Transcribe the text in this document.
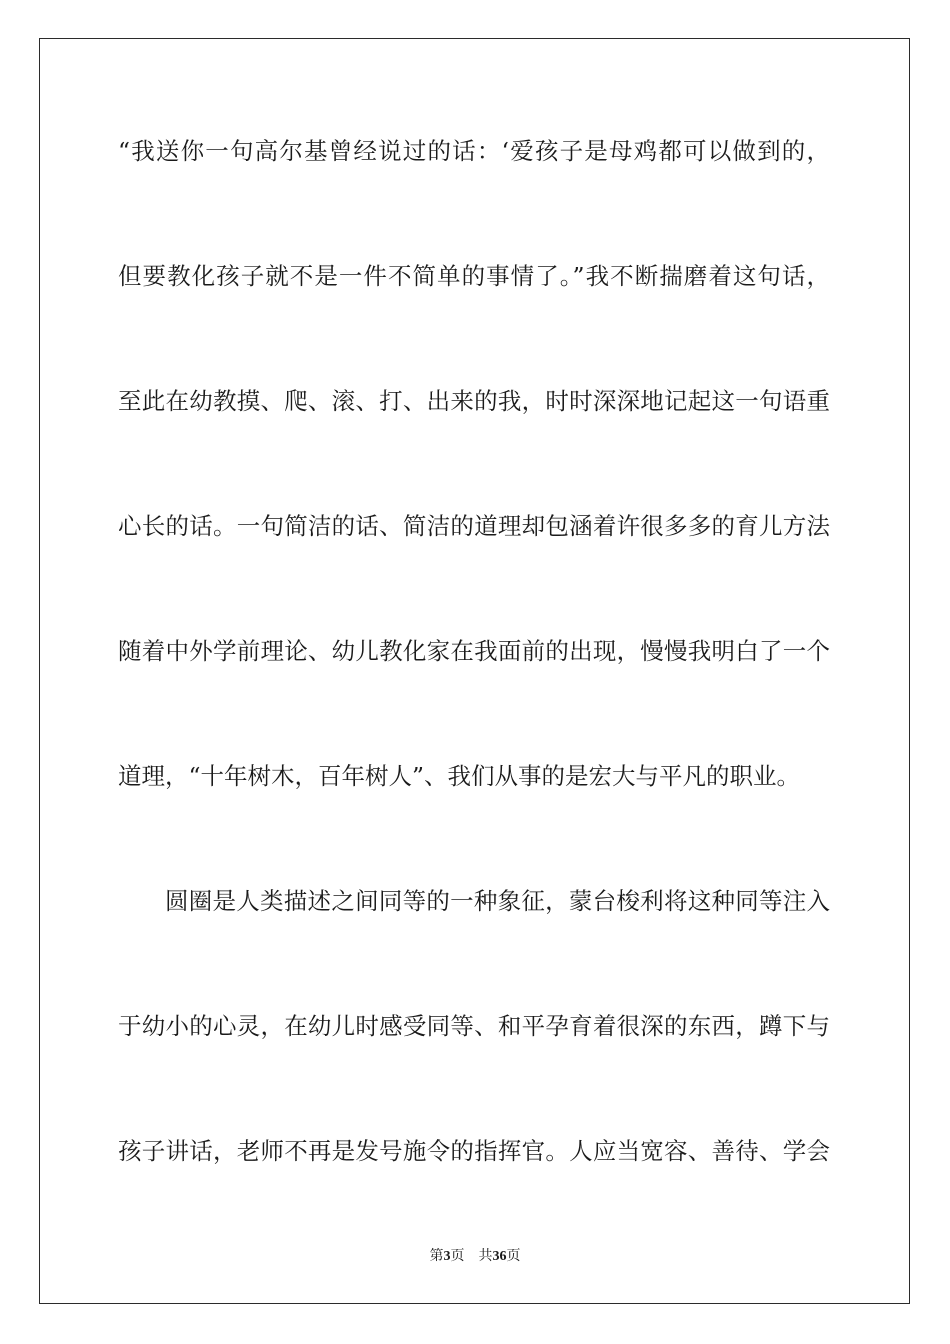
“我送你一句高尔基曾经说过的话：‘爱孩子是母鸡都可以做到的，
但要教化孩子就不是一件不简单的事情了。”我不断揣磨着这句话，
至此在幼教摸、爬、滚、打、出来的我，时时深深地记起这一句语重
心长的话。一句简洁的话、简洁的道理却包涵着许很多多的育儿方法
随着中外学前理论、幼儿教化家在我面前的出现，慢慢我明白了一个
道理，“十年树木，百年树人”、我们从事的是宏大与平凡的职业。
圆圈是人类描述之间同等的一种象征，蒙台梭利将这种同等注入
于幼小的心灵，在幼儿时感受同等、和平孕育着很深的东西，蹲下与
孩子讲话，老师不再是发号施令的指挥官。人应当宽容、善待、学会
第3页 共36页
